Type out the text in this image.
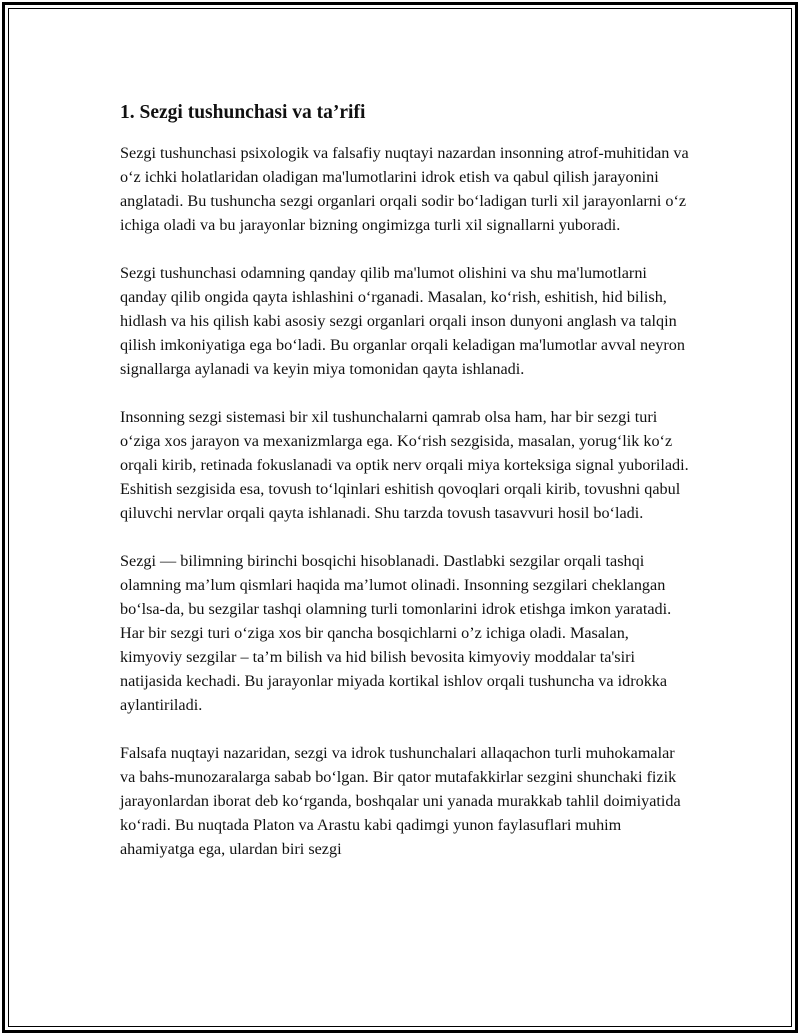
1. Sezgi tushunchasi va ta’rifi

Sezgi tushunchasi psixologik va falsafiy nuqtayi nazardan insonning atrof-muhitidan va o‘z ichki holatlaridan oladigan ma'lumotlarini idrok etish va qabul qilish jarayonini anglatadi. Bu tushuncha sezgi organlari orqali sodir bo‘ladigan turli xil jarayonlarni o‘z ichiga oladi va bu jarayonlar bizning ongimizga turli xil signallarni yuboradi.

Sezgi tushunchasi odamning qanday qilib ma'lumot olishini va shu ma'lumotlarni qanday qilib ongida qayta ishlashini o‘rganadi. Masalan, ko‘rish, eshitish, hid bilish, hidlash va his qilish kabi asosiy sezgi organlari orqali inson dunyoni anglash va talqin qilish imkoniyatiga ega bo‘ladi. Bu organlar orqali keladigan ma'lumotlar avval neyron signallarga aylanadi va keyin miya tomonidan qayta ishlanadi.

Insonning sezgi sistemasi bir xil tushunchalarni qamrab olsa ham, har bir sezgi turi o‘ziga xos jarayon va mexanizmlarga ega. Ko‘rish sezgisida, masalan, yorug‘lik ko‘z orqali kirib, retinada fokuslanadi va optik nerv orqali miya korteksiga signal yuboriladi. Eshitish sezgisida esa, tovush to‘lqinlari eshitish qovoqlari orqali kirib, tovushni qabul qiluvchi nervlar orqali qayta ishlanadi. Shu tarzda tovush tasavvuri hosil bo‘ladi.

Sezgi — bilimning birinchi bosqichi hisoblanadi. Dastlabki sezgilar orqali tashqi olamning ma’lum qismlari haqida ma’lumot olinadi. Insonning sezgilari cheklangan bo‘lsa-da, bu sezgilar tashqi olamning turli tomonlarini idrok etishga imkon yaratadi. Har bir sezgi turi o‘ziga xos bir qancha bosqichlarni o’z ichiga oladi. Masalan, kimyoviy sezgilar – ta’m bilish va hid bilish bevosita kimyoviy moddalar ta'siri natijasida kechadi. Bu jarayonlar miyada kortikal ishlov orqali tushuncha va idrokka aylantiriladi.

Falsafa nuqtayi nazaridan, sezgi va idrok tushunchalari allaqachon turli muhokamalar va bahs-munozaralarga sabab bo‘lgan. Bir qator mutafakkirlar sezgini shunchaki fizik jarayonlardan iborat deb ko‘rganda, boshqalar uni yanada murakkab tahlil doimiyatida ko‘radi. Bu nuqtada Platon va Arastu kabi qadimgi yunon faylasuflari muhim ahamiyatga ega, ulardan biri sezgi
